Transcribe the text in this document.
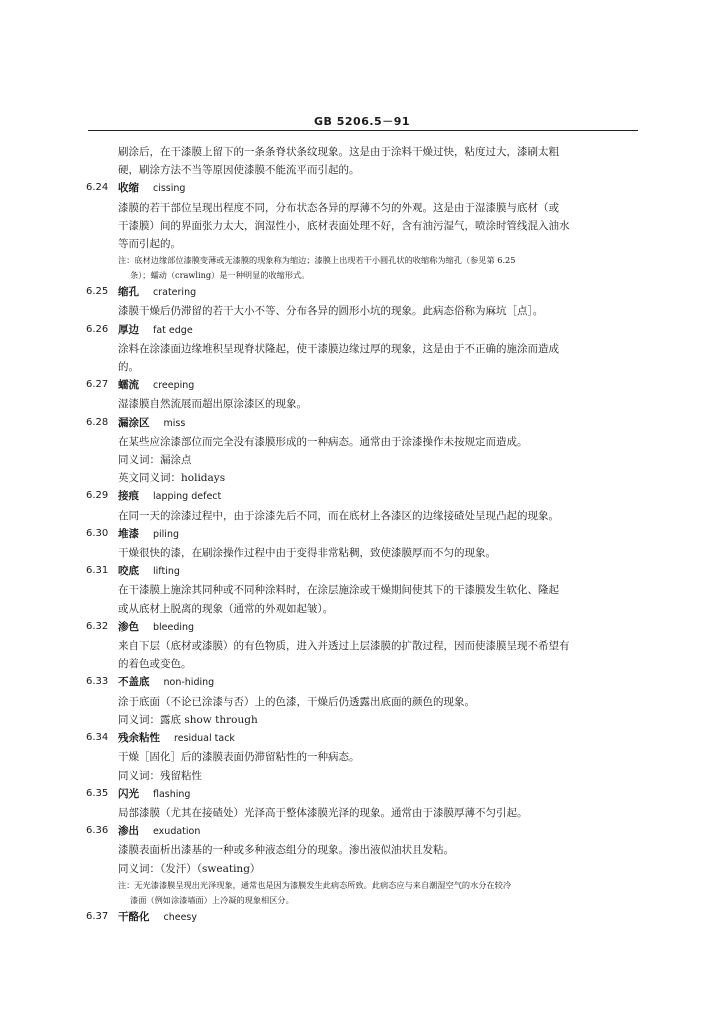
GB 5206.5－91
刷涂后，在干漆膜上留下的一条条脊状条纹现象。这是由于涂料干燥过快，粘度过大，漆刷太粗
硬，刷涂方法不当等原因使漆膜不能流平而引起的。
6.24 收缩 cissing
漆膜的若干部位呈现出程度不同，分布状态各异的厚薄不匀的外观。这是由于湿漆膜与底材（或
干漆膜）间的界面张力太大，润湿性小，底材表面处理不好，含有油污湿气，喷涂时管线混入油水
等而引起的。
注：底材边缘部位漆膜变薄或无漆膜的现象称为缩边；漆膜上出现若干小圆孔状的收缩称为缩孔（参见第 6.25
条）；蠕动（crawling）是一种明显的收缩形式。
6.25 缩孔 cratering
漆膜干燥后仍滞留的若干大小不等、分布各异的圆形小坑的现象。此病态俗称为麻坑［点］。
6.26 厚边 fat edge
涂料在涂漆面边缘堆积呈现脊状隆起，使干漆膜边缘过厚的现象，这是由于不正确的施涂而造成
的。
6.27 蠕流 creeping
湿漆膜自然流展而超出原涂漆区的现象。
6.28 漏涂区 miss
在某些应涂漆部位而完全没有漆膜形成的一种病态。通常由于涂漆操作未按规定而造成。
同义词：漏涂点
英文同义词：holidays
6.29 接痕 lapping defect
在同一天的涂漆过程中，由于涂漆先后不同，而在底材上各漆区的边缘接碴处呈现凸起的现象。
6.30 堆漆 piling
干燥很快的漆，在刷涂操作过程中由于变得非常粘稠，致使漆膜厚而不匀的现象。
6.31 咬底 lifting
在干漆膜上施涂其同种或不同种涂料时，在涂层施涂或干燥期间使其下的干漆膜发生软化、隆起
或从底材上脱离的现象（通常的外观如起皱）。
6.32 渗色 bleeding
来自下层（底材或漆膜）的有色物质，进入并透过上层漆膜的扩散过程，因而使漆膜呈现不希望有
的着色或变色。
6.33 不盖底 non-hiding
涂于底面（不论已涂漆与否）上的色漆，干燥后仍透露出底面的颜色的现象。
同义词：露底 show through
6.34 残余粘性 residual tack
干燥［固化］后的漆膜表面仍滞留粘性的一种病态。
同义词：残留粘性
6.35 闪光 flashing
局部漆膜（尤其在接碴处）光泽高于整体漆膜光泽的现象。通常由于漆膜厚薄不匀引起。
6.36 渗出 exudation
漆膜表面析出漆基的一种或多种液态组分的现象。渗出液似油状且发粘。
同义词：（发汗）（sweating）
注：无光漆漆膜呈现出光泽现象，通常也是因为漆膜发生此病态所致。此病态应与来自潮湿空气的水分在较冷
漆面（例如涂漆墙面）上冷凝的现象相区分。
6.37 干酪化 cheesy
